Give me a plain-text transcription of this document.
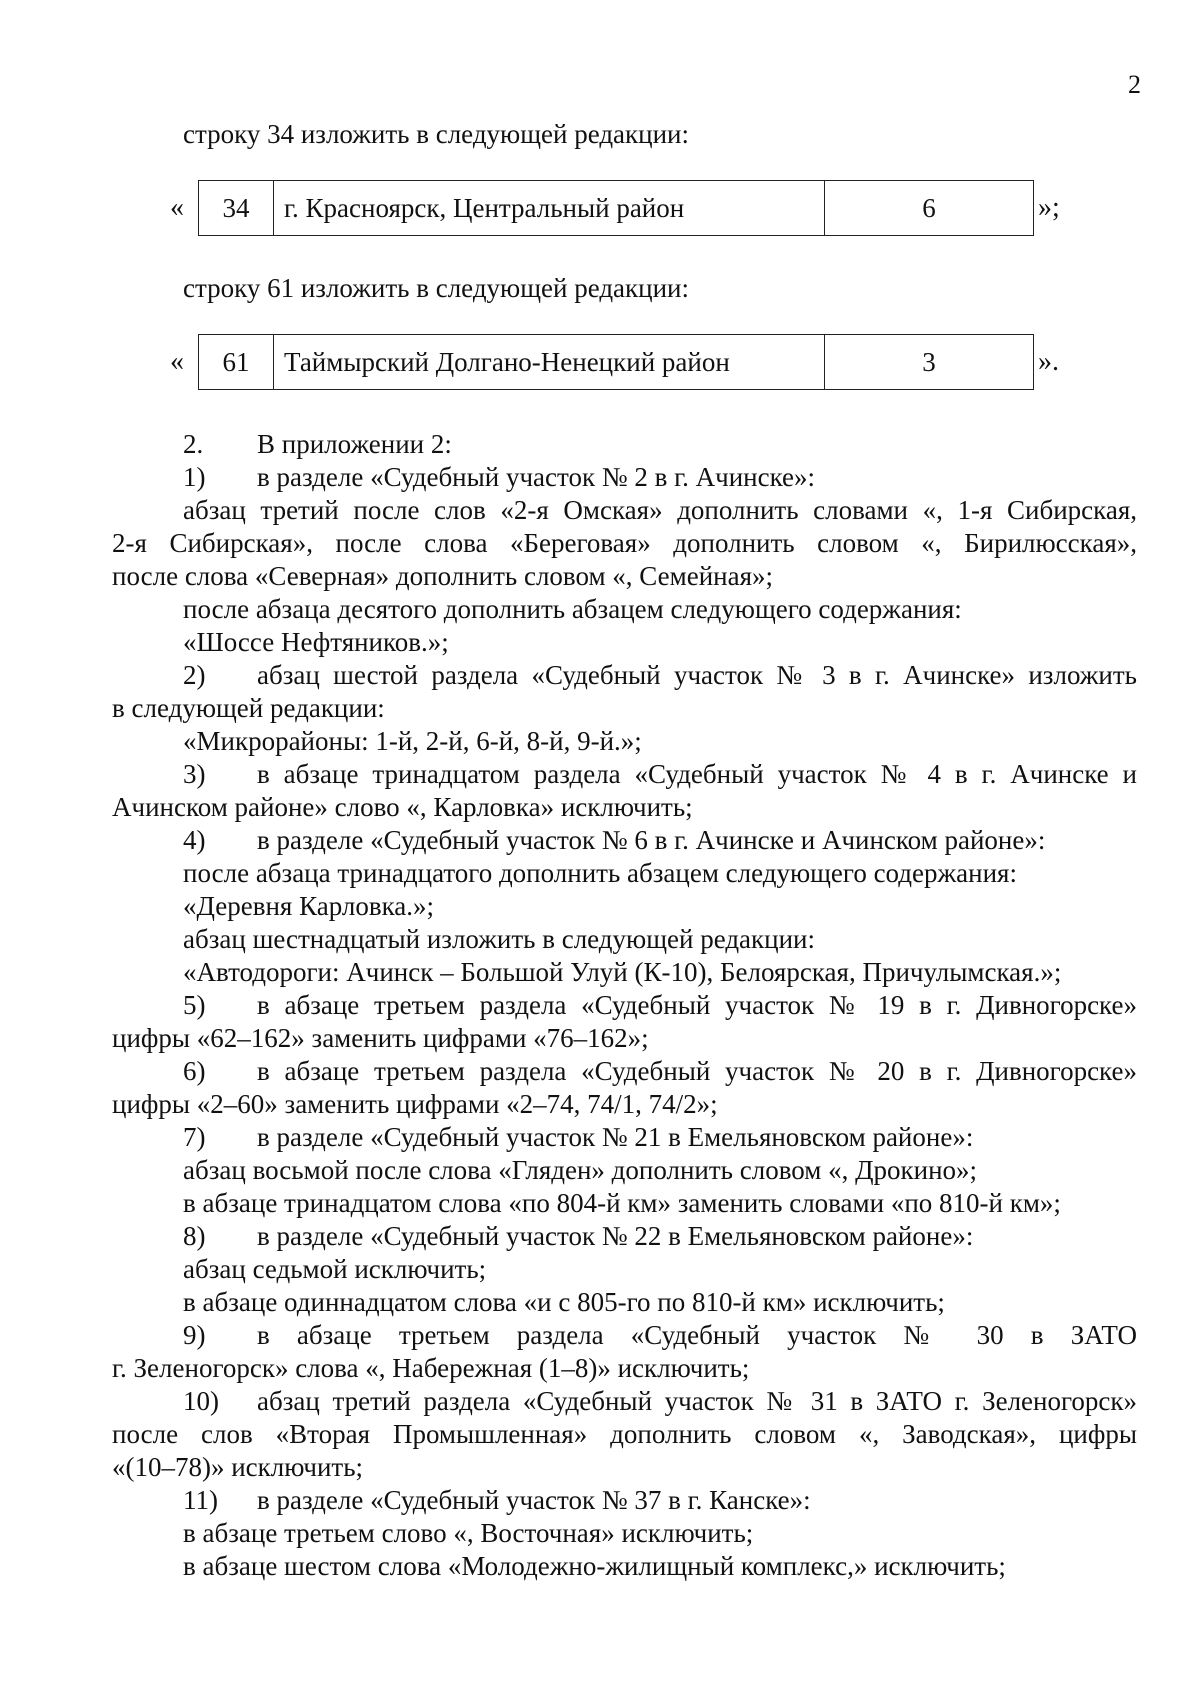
2
строку 34 изложить в следующей редакции:
« 34	г. Красноярск, Центральный район	6	»;
строку 61 изложить в следующей редакции:
« 61	Таймырский Долгано-Ненецкий район	3	».
2. В приложении 2:
1) в разделе «Судебный участок № 2 в г. Ачинске»:
абзац третий после слов «2-я Омская» дополнить словами «, 1-я Сибирская,
2-я Сибирская», после слова «Береговая» дополнить словом «, Бирилюсская»,
после слова «Северная» дополнить словом «, Семейная»;
после абзаца десятого дополнить абзацем следующего содержания:
«Шоссе Нефтяников.»;
2) абзац шестой раздела «Судебный участок № 3 в г. Ачинске» изложить
в следующей редакции:
«Микрорайоны: 1-й, 2-й, 6-й, 8-й, 9-й.»;
3) в абзаце тринадцатом раздела «Судебный участок № 4 в г. Ачинске и
Ачинском районе» слово «, Карловка» исключить;
4) в разделе «Судебный участок № 6 в г. Ачинске и Ачинском районе»:
после абзаца тринадцатого дополнить абзацем следующего содержания:
«Деревня Карловка.»;
абзац шестнадцатый изложить в следующей редакции:
«Автодороги: Ачинск – Большой Улуй (К-10), Белоярская, Причулымская.»;
5) в абзаце третьем раздела «Судебный участок № 19 в г. Дивногорске»
цифры «62–162» заменить цифрами «76–162»;
6) в абзаце третьем раздела «Судебный участок № 20 в г. Дивногорске»
цифры «2–60» заменить цифрами «2–74, 74/1, 74/2»;
7) в разделе «Судебный участок № 21 в Емельяновском районе»:
абзац восьмой после слова «Гляден» дополнить словом «, Дрокино»;
в абзаце тринадцатом слова «по 804-й км» заменить словами «по 810-й км»;
8) в разделе «Судебный участок № 22 в Емельяновском районе»:
абзац седьмой исключить;
в абзаце одиннадцатом слова «и с 805-го по 810-й км» исключить;
9) в абзаце третьем раздела «Судебный участок № 30 в ЗАТО
г. Зеленогорск» слова «, Набережная (1–8)» исключить;
10) абзац третий раздела «Судебный участок № 31 в ЗАТО г. Зеленогорск»
после слов «Вторая Промышленная» дополнить словом «, Заводская», цифры
«(10–78)» исключить;
11) в разделе «Судебный участок № 37 в г. Канске»:
в абзаце третьем слово «, Восточная» исключить;
в абзаце шестом слова «Молодежно-жилищный комплекс,» исключить;
